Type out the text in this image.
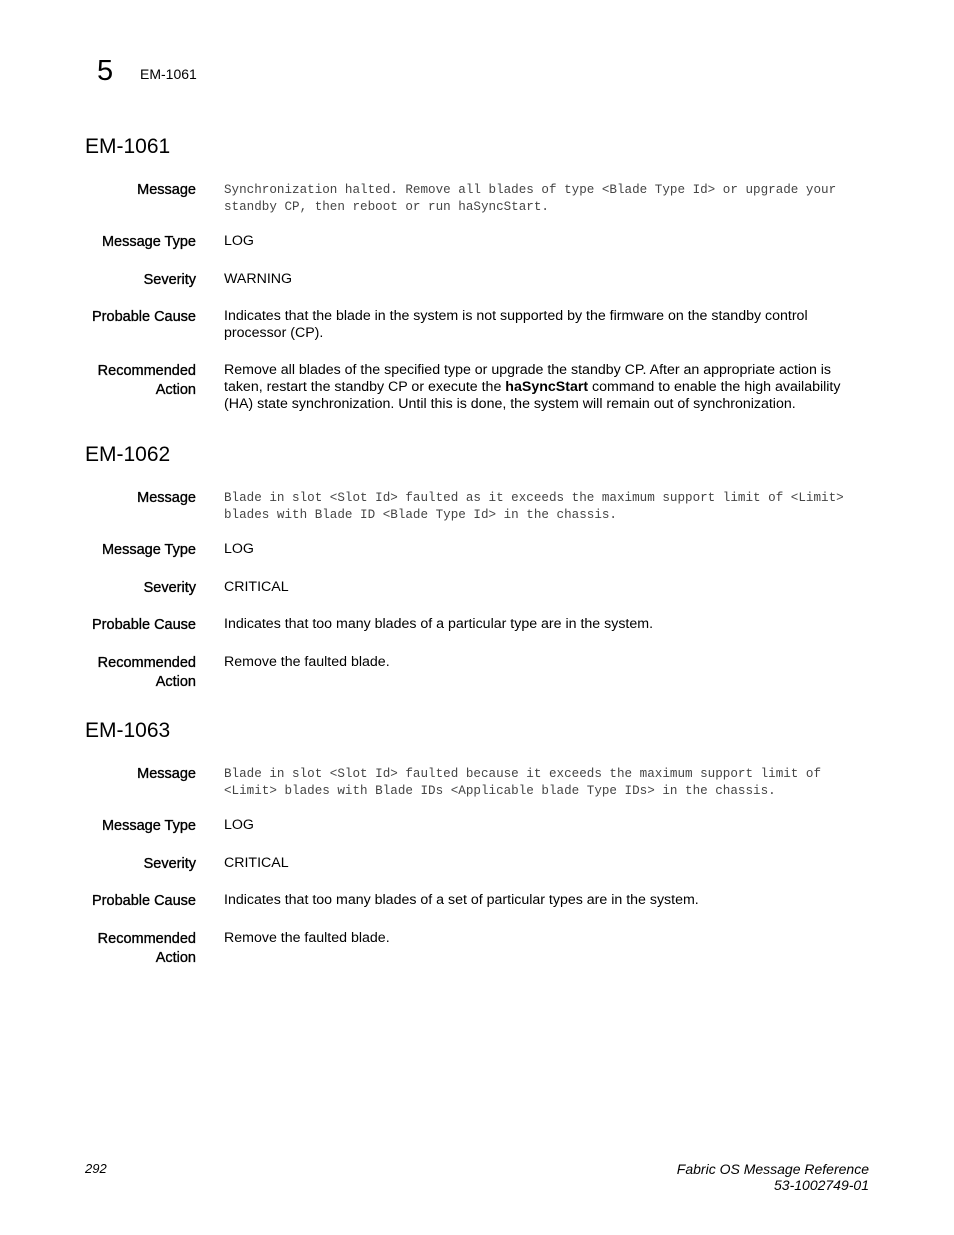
5 EM-1061
EM-1061
Message Synchronization halted. Remove all blades of type <Blade Type Id> or upgrade your standby CP, then reboot or run haSyncStart.
Message Type LOG
Severity WARNING
Probable Cause Indicates that the blade in the system is not supported by the firmware on the standby control processor (CP).
Recommended
Action
Remove all blades of the specified type or upgrade the standby CP. After an appropriate action is taken, restart the standby CP or execute the haSyncStart command to enable the high availability (HA) state synchronization. Until this is done, the system will remain out of synchronization.
EM-1062
Message Blade in slot <Slot Id> faulted as it exceeds the maximum support limit of <Limit> blades with Blade ID <Blade Type Id> in the chassis.
Message Type LOG
Severity CRITICAL
Probable Cause Indicates that too many blades of a particular type are in the system.
Recommended
Action
Remove the faulted blade.
EM-1063
Message Blade in slot <Slot Id> faulted because it exceeds the maximum support limit of <Limit> blades with Blade IDs <Applicable blade Type IDs> in the chassis.
Message Type LOG
Severity CRITICAL
Probable Cause Indicates that too many blades of a set of particular types are in the system.
Recommended
Action
Remove the faulted blade.
292	Fabric OS Message Reference
53-1002749-01
